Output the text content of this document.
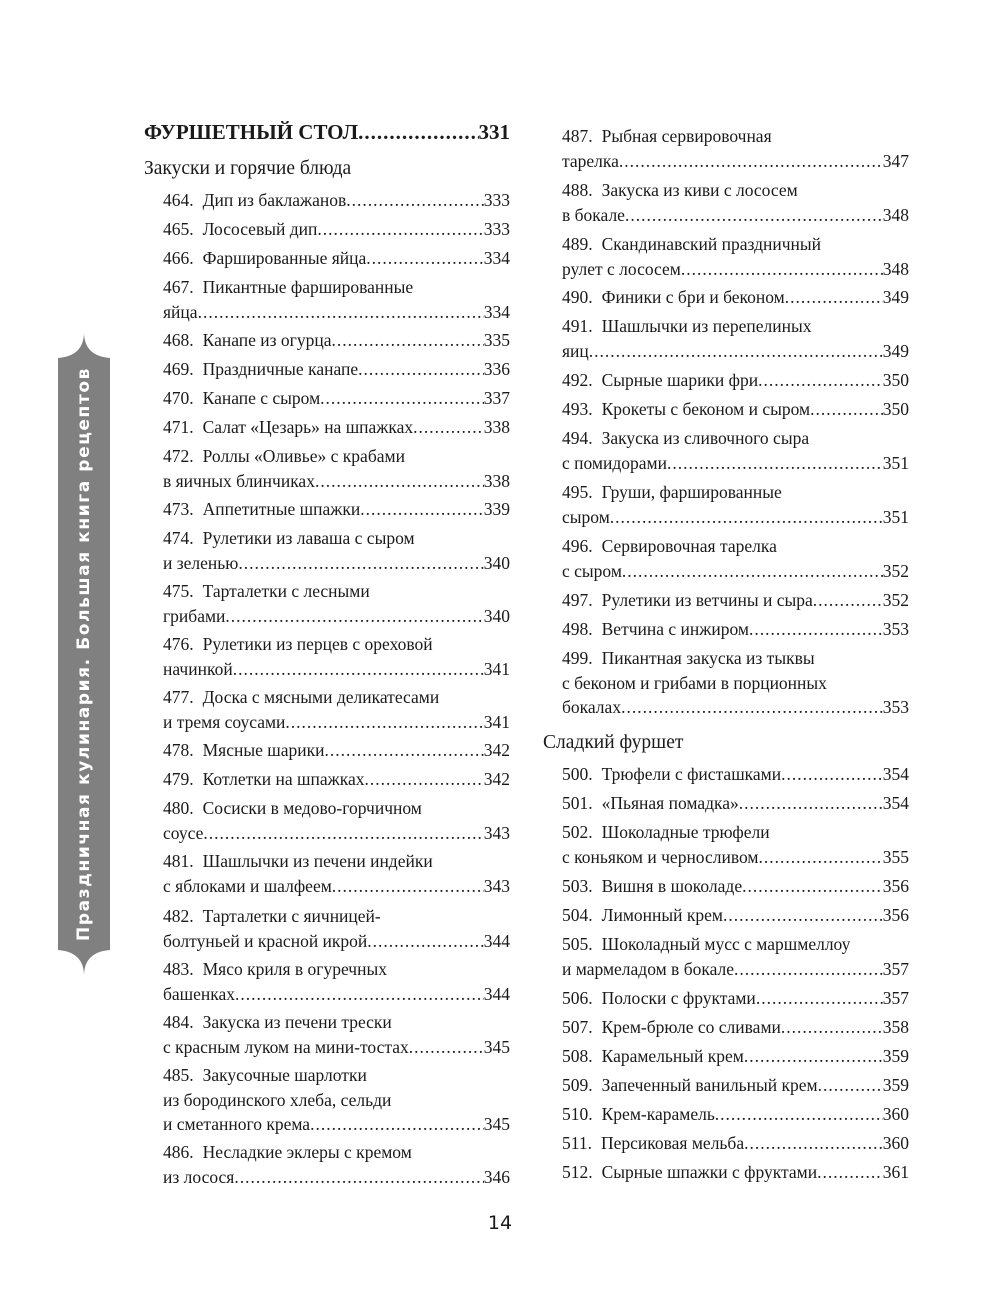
Праздничная кулинария. Большая книга рецептов
ФУРШЕТНЫЙ СТОЛ .....	331
Закуски и горячие блюда
464. Дип из баклажанов .....	333
465. Лососевый дип .....	333
466. Фаршированные яйца .....	334
467. Пикантные фаршированные
яйца .....	334
468. Канапе из огурца .....	335
469. Праздничные канапе .....	336
470. Канапе с сыром .....	337
471. Салат «Цезарь» на шпажках .....	338
472. Роллы «Оливье» с крабами
в яичных блинчиках .....	338
473. Аппетитные шпажки .....	339
474. Рулетики из лаваша с сыром
и зеленью .....	340
475. Тарталетки с лесными
грибами .....	340
476. Рулетики из перцев с ореховой
начинкой .....	341
477. Доска с мясными деликатесами
и тремя соусами .....	341
478. Мясные шарики .....	342
479. Котлетки на шпажках .....	342
480. Сосиски в медово-горчичном
соусе .....	343
481. Шашлычки из печени индейки
с яблоками и шалфеем .....	343
482. Тарталетки с яичницей-
болтуньей и красной икрой .....	344
483. Мясо криля в огуречных
башенках .....	344
484. Закуска из печени трески
с красным луком на мини-тостах .....	345
485. Закусочные шарлотки
из бородинского хлеба, сельди
и сметанного крема .....	345
486. Несладкие эклеры с кремом
из лосося .....	346
487. Рыбная сервировочная
тарелка .....	347
488. Закуска из киви с лососем
в бокале .....	348
489. Скандинавский праздничный
рулет с лососем .....	348
490. Финики с бри и беконом .....	349
491. Шашлычки из перепелиных
яиц .....	349
492. Сырные шарики фри .....	350
493. Крокеты с беконом и сыром .....	350
494. Закуска из сливочного сыра
с помидорами .....	351
495. Груши, фаршированные
сыром .....	351
496. Сервировочная тарелка
с сыром .....	352
497. Рулетики из ветчины и сыра .....	352
498. Ветчина с инжиром .....	353
499. Пикантная закуска из тыквы
с беконом и грибами в порционных
бокалах .....	353
500. Трюфели с фисташками .....	354
501. «Пьяная помадка» .....	354
502. Шоколадные трюфели
с коньяком и черносливом .....	355
503. Вишня в шоколаде .....	356
504. Лимонный крем .....	356
505. Шоколадный мусс с маршмеллоу
и мармеладом в бокале .....	357
506. Полоски с фруктами .....	357
507. Крем-брюле со сливами .....	358
508. Карамельный крем .....	359
509. Запеченный ванильный крем .....	359
510. Крем-карамель .....	360
511. Персиковая мельба .....	360
512. Сырные шпажки с фруктами .....	361
Сладкий фуршет
14
